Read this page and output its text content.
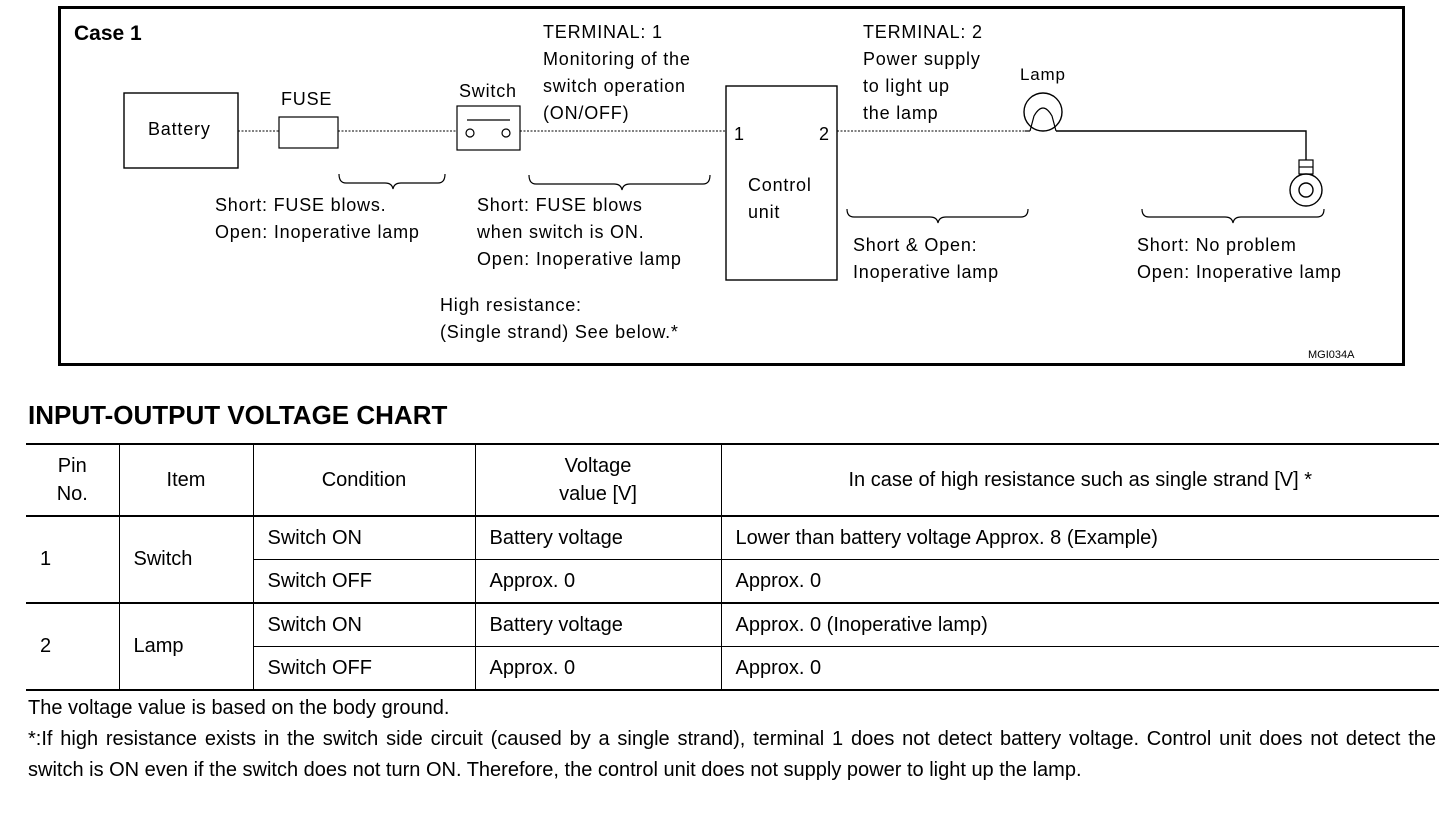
Case 1
Battery
FUSE	Switch
TERMINAL: 1
Monitoring of the
switch operation
(ON/OFF)
TERMINAL: 2
Power supply
to light up
the lamp
Lamp
1	2
Control
unit
Short: FUSE blows.
Open: Inoperative lamp
Short: FUSE blows
when switch is ON.
Open: Inoperative lamp
High resistance:
(Single strand) See below.*
Short & Open:
Inoperative lamp
Short: No problem
Open: Inoperative lamp
MGI034A
INPUT-OUTPUT VOLTAGE CHART
Pin
No.	Item	Condition	Voltage
value [V]	In case of high resistance such as single strand [V] *
1	Switch	Switch ON	Battery voltage	Lower than battery voltage Approx. 8 (Example)
		Switch OFF	Approx. 0	Approx. 0
2	Lamp	Switch ON	Battery voltage	Approx. 0 (Inoperative lamp)
		Switch OFF	Approx. 0	Approx. 0

The voltage value is based on the body ground.

*:If high resistance exists in the switch side circuit (caused by a single strand), terminal 1 does not detect battery voltage. Control unit does not detect the switch is ON even if the switch does not turn ON. Therefore, the control unit does not supply power to light up the lamp.
